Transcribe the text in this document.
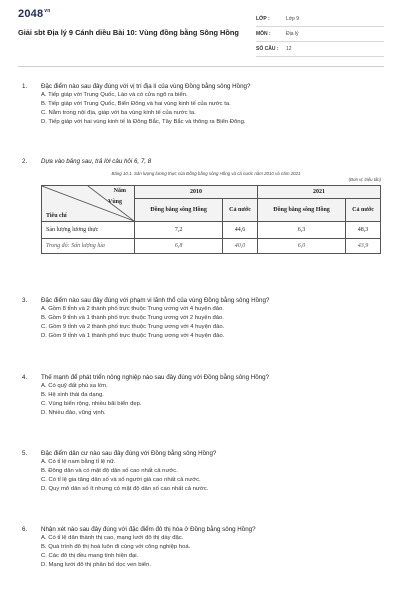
$2048^{vn}$
Giải sbt Địa lý 9 Cánh diều Bài 10: Vùng đồng bằng Sông Hồng
LỚP :	Lớp 9
MÔN :	Địa lý
SỐ CÂU :	12
1.	Đặc điểm nào sau đây đúng với vị trí địa lí của vùng Đồng bằng sông Hồng?
A. Tiếp giáp với Trung Quốc, Lào và có cửa ngõ ra biển.
B. Tiếp giáp với Trung Quốc, Biển Đông và hai vùng kinh tế của nước ta.
C. Nằm trong nội địa, giáp với ba vùng kinh tế của nước ta.
D. Tiếp giáp với hai vùng kinh tế là Đông Bắc, Tây Bắc và thông ra Biển Đông.
2.	Dựa vào bảng sau, trả lời câu hỏi 6, 7, 8
Bảng 10.1. Sản lượng lương thực của Đồng bằng sông Hồng và cả nước năm 2010 và năm 2021
(Đơn vị: triệu tấn)
Năm
Vùng
Tiêu chí	2010		2021	
	Đồng bằng sông Hồng	Cả nước	Đồng bằng sông Hồng	Cả nước
Sản lượng lương thực	7,2	44,6	6,3	48,3
Trong đó: Sản lượng lúa	6,8	40,0	6,0	43,9
3.	Đặc điểm nào sau đây đúng với phạm vi lãnh thổ của vùng Đồng bằng sông Hồng?
A. Gồm 8 tỉnh và 2 thành phố trực thuộc Trung ương với 4 huyện đảo.
B. Gồm 9 tỉnh và 1 thành phố trực thuộc Trung ương với 2 huyện đảo.
C. Gồm 9 tỉnh và 2 thành phố trực thuộc Trung ương với 4 huyện đảo.
D. Gồm 9 tỉnh và 1 thành phố trực thuộc Trung ương với 4 huyện đảo.
4.	Thế mạnh để phát triển nông nghiệp nào sau đây đúng với Đồng bằng sông Hồng?
A. Có quỹ đất phù sa lớn.
B. Hệ sinh thái đa dạng.
C. Vùng biển rộng, nhiều bãi biển đẹp.
D. Nhiều đảo, vũng vịnh.
5.	Đặc điểm dân cư nào sau đây đúng với Đồng bằng sông Hồng?
A. Có tỉ lệ nam bằng tỉ lệ nữ.
B. Đông dân và có mật độ dân số cao nhất cả nước.
C. Có tỉ lệ gia tăng dân số và số người già cao nhất cả nước.
D. Quy mô dân số ít nhưng có mật độ dân số cao nhất cả nước.
6.	Nhận xét nào sau đây đúng với đặc điểm đô thị hóa ở Đồng bằng sông Hồng?
A. Có tỉ lệ dân thành thị cao, mạng lưới đô thị dày đặc.
B. Quá trình đô thị hoá luôn đi cùng với công nghiệp hoá.
C. Các đô thị đều mang tính hiện đại.
D. Mạng lưới đô thị phân bố dọc ven biển.
